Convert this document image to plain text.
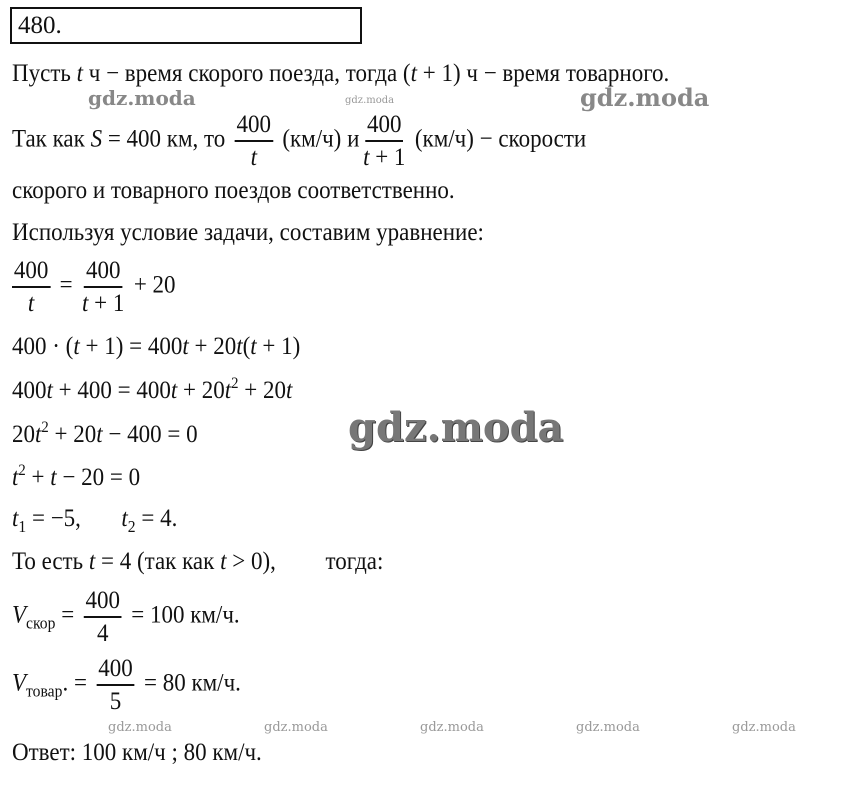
480.
Пусть t ч − время скорого поезда, тогда (t + 1) ч − время товарного.
gdz.moda	gdz.moda	gdz.moda
Так как S = 400 км, то $\frac{400}{t} (км/ч)$ и $\frac{400}{t + 1} (км/ч)$ − скорости
скорого и товарного поездов соответственно.
Используя условие задачи, составим уравнение:
$\frac{400}{t} = \frac{400}{t + 1} + 20$
400 · (t + 1) = 400t + 20t(t + 1)
$400t + 400 = 400t + 20t^2 + 20t$
$20t^2 + 20t - 400 = 0$	gdz.moda
$t^2 + t - 20 = 0$
$t_1 = -5$, $t_2 = 4$.
То есть t = 4 (так как t > 0), тогда:
$V_{скор} = \frac{400}{4} = 100$ км/ч.
$V_{товар}$. = $\frac{400}{5} = 80$ км/ч.
gdz.moda	gdz.moda	gdz.moda	gdz.moda	gdz.moda
Ответ: 100 км/ч ; 80 км/ч.
